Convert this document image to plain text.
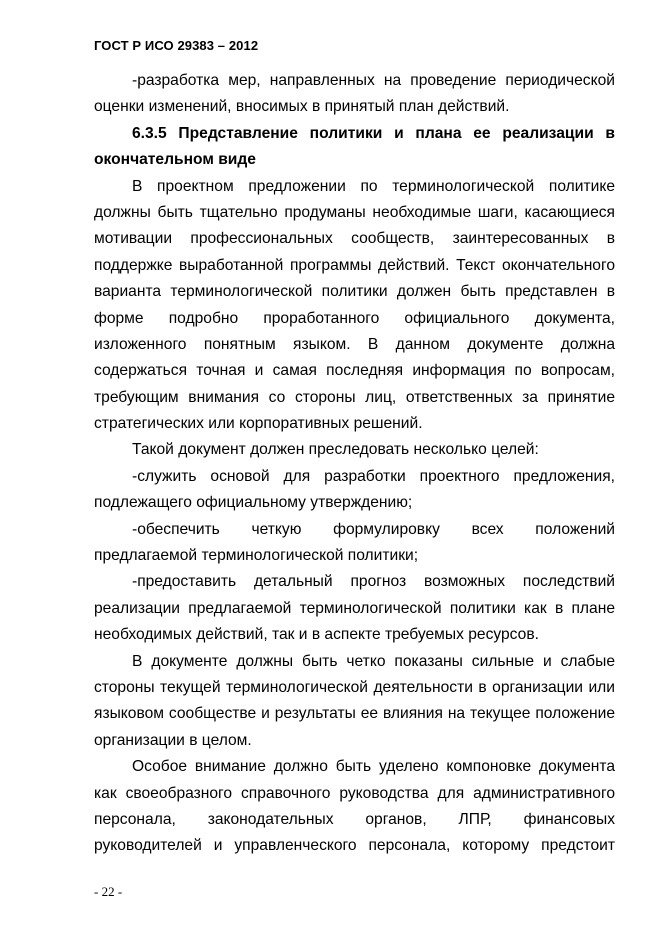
ГОСТ Р ИСО 29383 – 2012
-разработка мер, направленных на проведение периодической
оценки изменений, вносимых в принятый план действий.
6.3.5 Представление политики и плана ее реализации в
окончательном виде
В проектном предложении по терминологической политике
должны быть тщательно продуманы необходимые шаги, касающиеся
мотивации профессиональных сообществ, заинтересованных в
поддержке выработанной программы действий. Текст окончательного
варианта терминологической политики должен быть представлен в
форме подробно проработанного официального документа,
изложенного понятным языком. В данном документе должна
содержаться точная и самая последняя информация по вопросам,
требующим внимания со стороны лиц, ответственных за принятие
стратегических или корпоративных решений.
Такой документ должен преследовать несколько целей:
-служить основой для разработки проектного предложения,
подлежащего официальному утверждению;
-обеспечить четкую формулировку всех положений
предлагаемой терминологической политики;
-предоставить детальный прогноз возможных последствий
реализации предлагаемой терминологической политики как в плане
необходимых действий, так и в аспекте требуемых ресурсов.
В документе должны быть четко показаны сильные и слабые
стороны текущей терминологической деятельности в организации или
языковом сообществе и результаты ее влияния на текущее положение
организации в целом.
Особое внимание должно быть уделено компоновке документа
как своеобразного справочного руководства для административного
персонала, законодательных органов, ЛПР, финансовых
руководителей и управленческого персонала, которому предстоит
- 22 -
